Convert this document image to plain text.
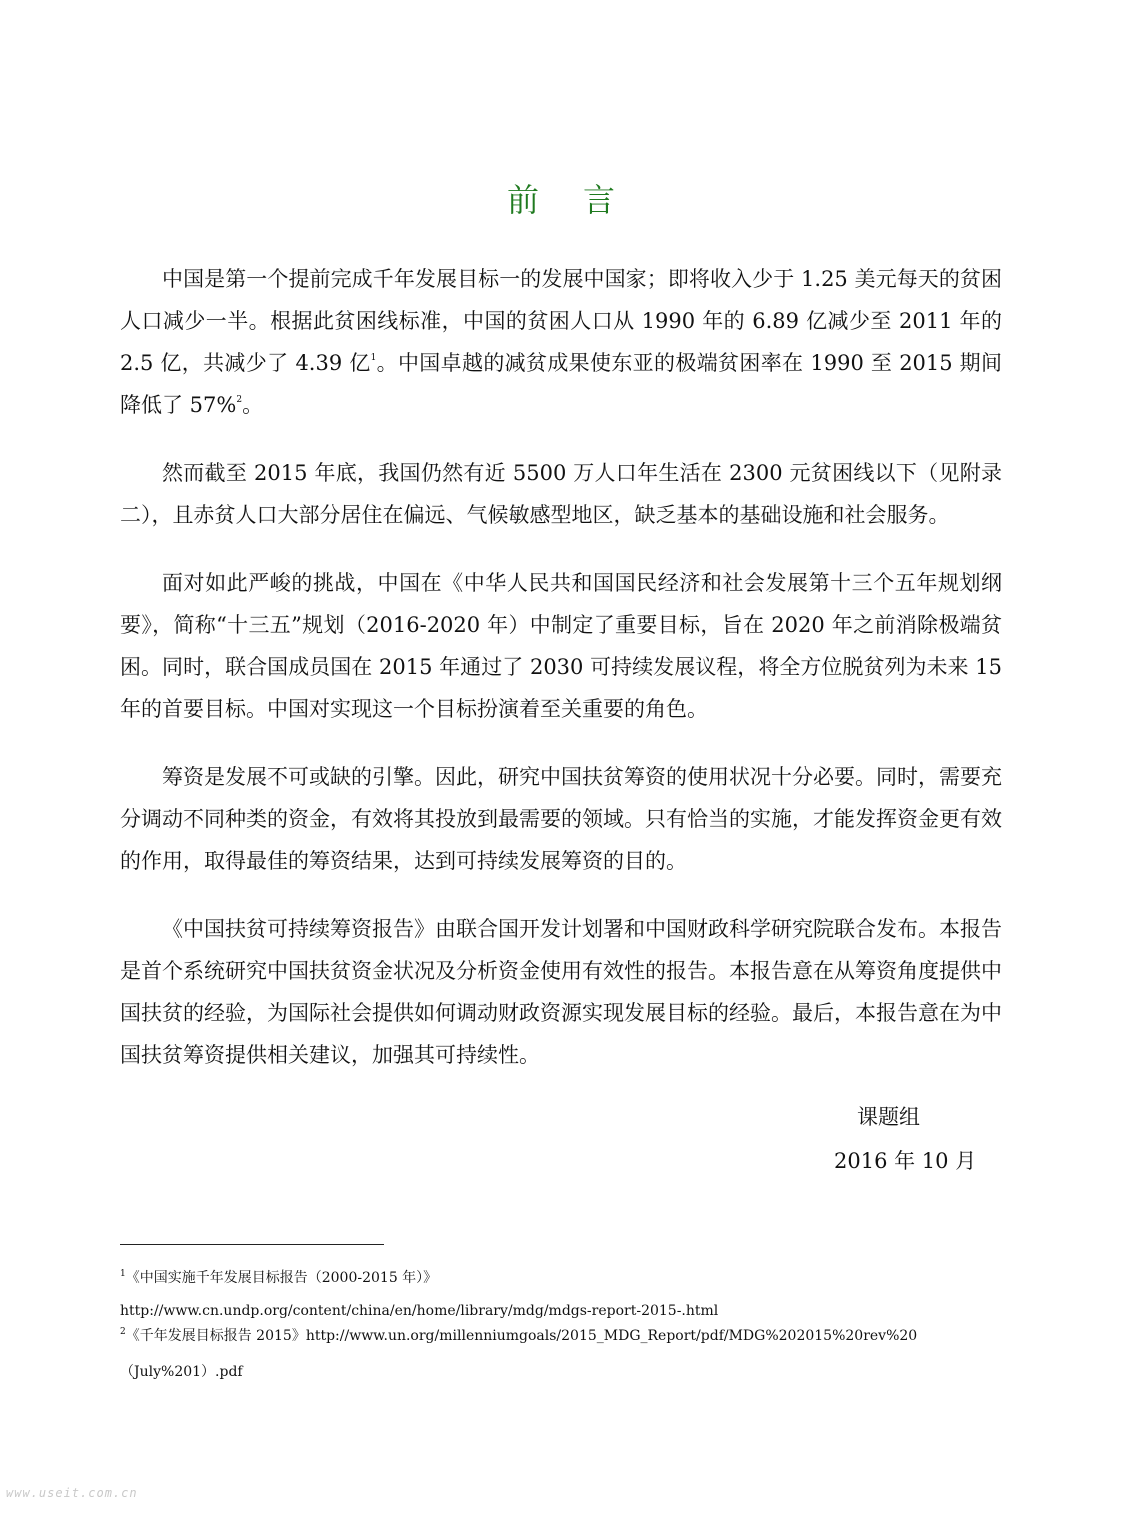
前言

中国是第一个提前完成千年发展目标一的发展中国家；即将收入少于 1.25 美元每天的贫困人口减少一半。根据此贫困线标准，中国的贫困人口从 1990 年的 6.89 亿减少至 2011 年的 2.5 亿，共减少了 4.39 亿$^1$。中国卓越的减贫成果使东亚的极端贫困率在 1990 至 2015 期间降低了 57%$^2$。

然而截至 2015 年底，我国仍然有近 5500 万人口年生活在 2300 元贫困线以下（见附录二），且赤贫人口大部分居住在偏远、气候敏感型地区，缺乏基本的基础设施和社会服务。

面对如此严峻的挑战，中国在《中华人民共和国国民经济和社会发展第十三个五年规划纲要》，简称“十三五”规划（2016-2020 年）中制定了重要目标，旨在 2020 年之前消除极端贫困。同时，联合国成员国在 2015 年通过了 2030 可持续发展议程，将全方位脱贫列为未来 15 年的首要目标。中国对实现这一个目标扮演着至关重要的角色。

筹资是发展不可或缺的引擎。因此，研究中国扶贫筹资的使用状况十分必要。同时，需要充分调动不同种类的资金，有效将其投放到最需要的领域。只有恰当的实施，才能发挥资金更有效的作用，取得最佳的筹资结果，达到可持续发展筹资的目的。

《中国扶贫可持续筹资报告》由联合国开发计划署和中国财政科学研究院联合发布。本报告是首个系统研究中国扶贫资金状况及分析资金使用有效性的报告。本报告意在从筹资角度提供中国扶贫的经验，为国际社会提供如何调动财政资源实现发展目标的经验。最后，本报告意在为中国扶贫筹资提供相关建议，加强其可持续性。

课题组

2016 年 10 月

$^1$《中国实施千年发展目标报告（2000-2015 年）》

http://www.cn.undp.org/content/china/en/home/library/mdg/mdgs-report-2015-.html

$^2$《千年发展目标报告 2015》http://www.un.org/millenniumgoals/2015_MDG_Report/pdf/MDG%202015%20rev%20

（July%201）.pdf

www.useit.com.cn
